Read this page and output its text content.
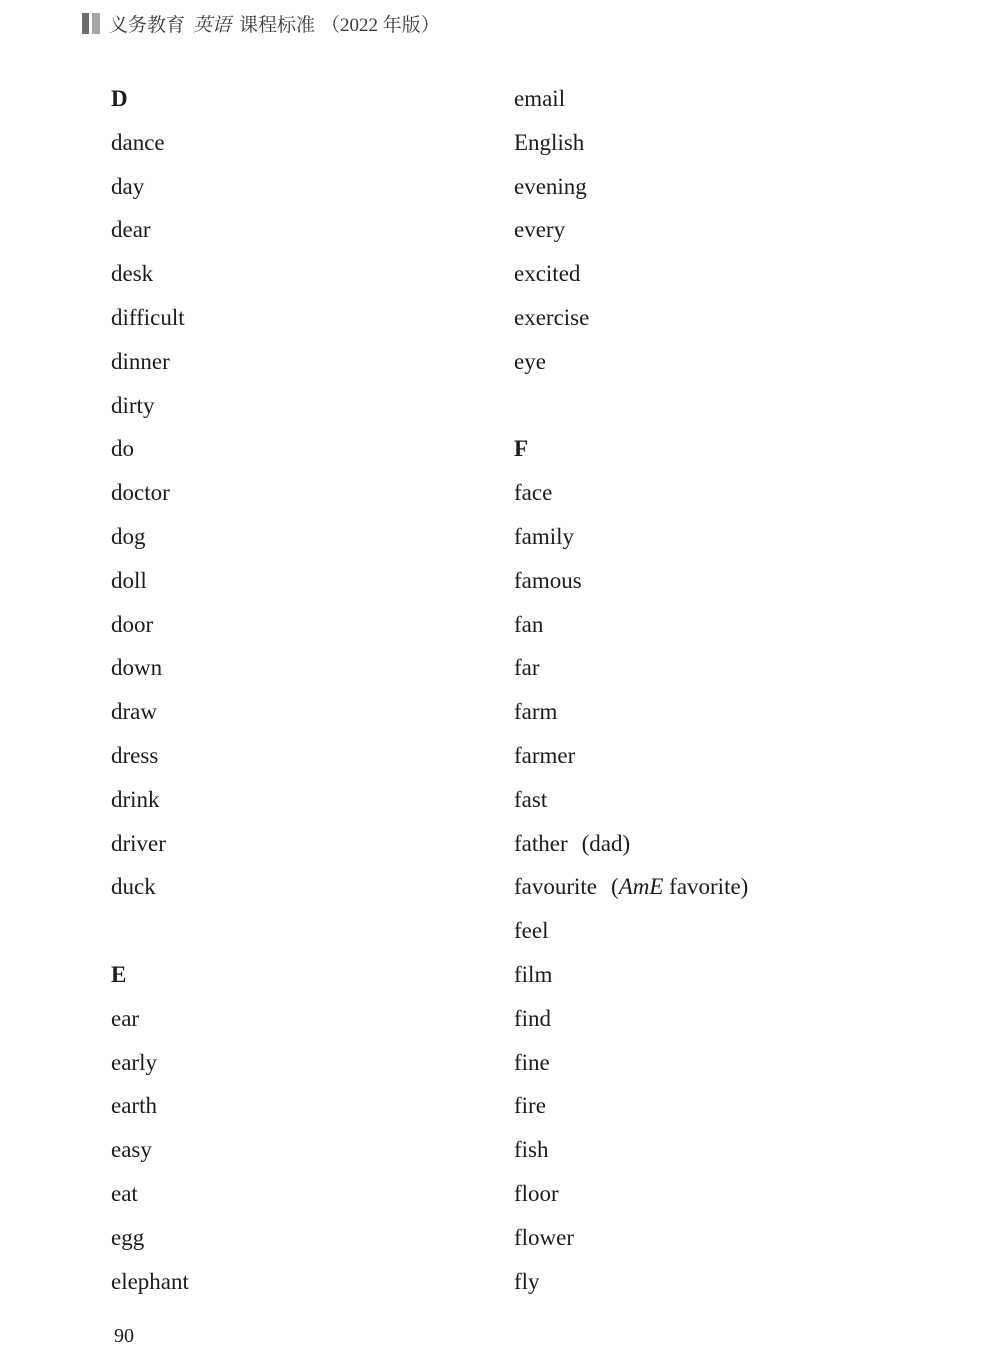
义务教育 英语 课程标准 （2022 年版）
D
dance
day
dear
desk
difficult
dinner
dirty
do
doctor
dog
doll
door
down
draw
dress
drink
driver
duck
E
ear
early
earth
easy
eat
egg
elephant
email
English
evening
every
excited
exercise
eye
F
face
family
famous
fan
far
farm
farmer
fast
father (dad)
favourite (AmE favorite)
feel
film
find
fine
fire
fish
floor
flower
fly
90
